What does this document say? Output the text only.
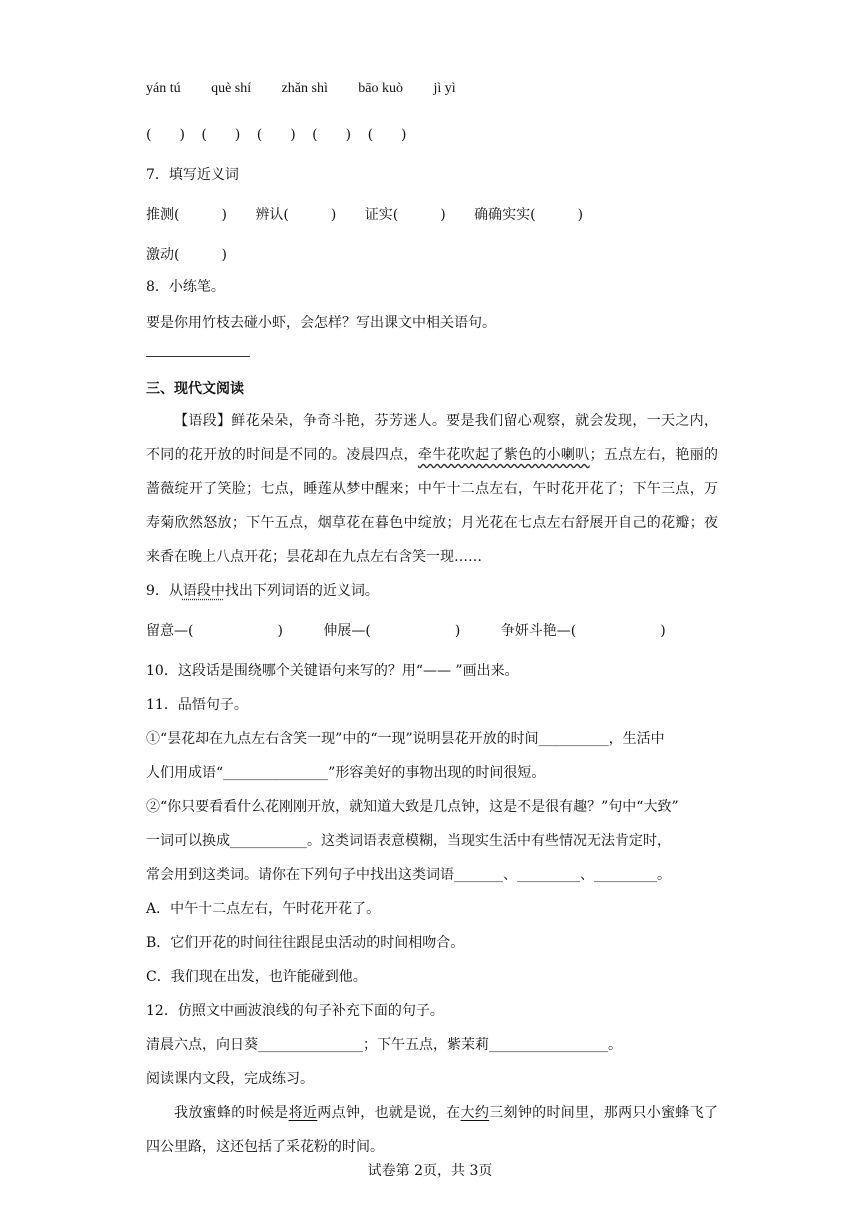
yán tú què shí zhǎn shì bāo kuò jì yì
(　　) (　　) (　　) (　　) (　　)
7．填写近义词
推测(　　　) 辨认(　　　) 证实(　　　) 确确实实(　　　)
激动(　　　)
8．小练笔。
要是你用竹枝去碰小虾，会怎样？写出课文中相关语句。
三、现代文阅读
【语段】鲜花朵朵，争奇斗艳，芬芳迷人。要是我们留心观察，就会发现，一天之内，不同的花开放的时间是不同的。凌晨四点，牵牛花吹起了紫色的小喇叭；五点左右，艳丽的蔷薇绽开了笑脸；七点，睡莲从梦中醒来；中午十二点左右，午时花开花了；下午三点，万寿菊欣然怒放；下午五点，烟草花在暮色中绽放；月光花在七点左右舒展开自己的花瓣；夜来香在晚上八点开花；昙花却在九点左右含笑一现……
9．从语段中找出下列词语的近义词。
留意—(　　　　　　)	伸展—(　　　　　　)	争妍斗艳—(　　　　　　)
10．这段话是围绕哪个关键语句来写的？用“—— ”画出来。
11．品悟句子。
①“昙花却在九点左右含笑一现”中的“一现”说明昙花开放的时间__________，生活中
人们用成语“_______________”形容美好的事物出现的时间很短。
②“你只要看看什么花刚刚开放，就知道大致是几点钟，这是不是很有趣？”句中“大致”
一词可以换成___________。这类词语表意模糊，当现实生活中有些情况无法肯定时，
常会用到这类词。请你在下列句子中找出这类词语_______、_________、_________。
A．中午十二点左右，午时花开花了。
B．它们开花的时间往往跟昆虫活动的时间相吻合。
C．我们现在出发，也许能碰到他。
12．仿照文中画波浪线的句子补充下面的句子。
清晨六点，向日葵_______________；下午五点，紫茉莉_________________。
阅读课内文段，完成练习。
我放蜜蜂的时候是将近两点钟，也就是说，在大约三刻钟的时间里，那两只小蜜蜂飞了四公里路，这还包括了采花粉的时间。
试卷第 2页，共 3页
